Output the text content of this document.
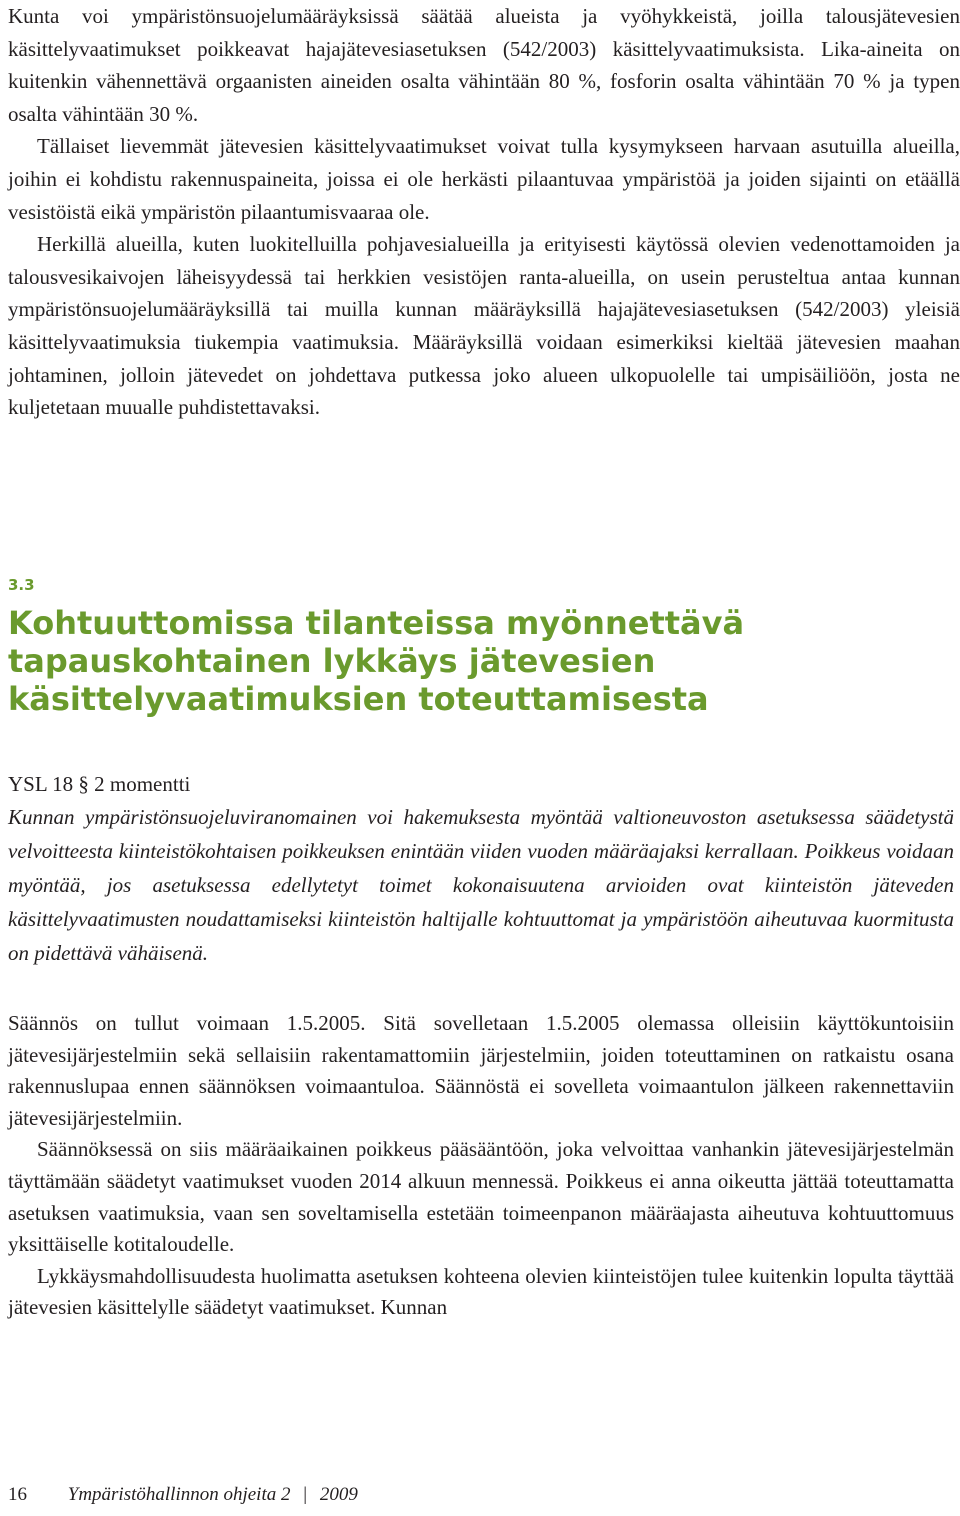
Kunta voi ympäristönsuojelumääräyksissä säätää alueista ja vyöhykkeistä, joilla talousjätevesien käsittelyvaatimukset poikkeavat hajajätevesiasetuksen (542/2003) käsittelyvaatimuksista. Lika-aineita on kuitenkin vähennettävä orgaanisten aineiden osalta vähintään 80 %, fosforin osalta vähintään 70 % ja typen osalta vähintään 30 %.

Tällaiset lievemmät jätevesien käsittelyvaatimukset voivat tulla kysymykseen harvaan asutuilla alueilla, joihin ei kohdistu rakennuspaineita, joissa ei ole herkästi pilaantuvaa ympäristöä ja joiden sijainti on etäällä vesistöistä eikä ympäristön pilaantumisvaaraa ole.

Herkillä alueilla, kuten luokitelluilla pohjavesialueilla ja erityisesti käytössä olevien vedenottamoiden ja talousvesikaivojen läheisyydessä tai herkkien vesistöjen ranta-alueilla, on usein perusteltua antaa kunnan ympäristönsuojelumääräyksillä tai muilla kunnan määräyksillä hajajätevesiasetuksen (542/2003) yleisiä käsittelyvaatimuksia tiukempia vaatimuksia. Määräyksillä voidaan esimerkiksi kieltää jätevesien maahan johtaminen, jolloin jätevedet on johdettava putkessa joko alueen ulkopuolelle tai umpisäiliöön, josta ne kuljetetaan muualle puhdistettavaksi.

3.3
Kohtuuttomissa tilanteissa myönnettävä tapauskohtainen lykkäys jätevesien käsittelyvaatimuksien toteuttamisesta

YSL 18 § 2 momentti

Kunnan ympäristönsuojeluviranomainen voi hakemuksesta myöntää valtioneuvoston asetuksessa säädetystä velvoitteesta kiinteistökohtaisen poikkeuksen enintään viiden vuoden määräajaksi kerrallaan. Poikkeus voidaan myöntää, jos asetuksessa edellytetyt toimet kokonaisuutena arvioiden ovat kiinteistön jäteveden käsittelyvaatimusten noudattamiseksi kiinteistön haltijalle kohtuuttomat ja ympäristöön aiheutuvaa kuormitusta on pidettävä vähäisenä.

Säännös on tullut voimaan 1.5.2005. Sitä sovelletaan 1.5.2005 olemassa olleisiin käyttökuntoisiin jätevesijärjestelmiin sekä sellaisiin rakentamattomiin järjestelmiin, joiden toteuttaminen on ratkaistu osana rakennuslupaa ennen säännöksen voimaantuloa. Säännöstä ei sovelleta voimaantulon jälkeen rakennettaviin jätevesijärjestelmiin.

Säännöksessä on siis määräaikainen poikkeus pääsääntöön, joka velvoittaa vanhankin jätevesijärjestelmän täyttämään säädetyt vaatimukset vuoden 2014 alkuun mennessä. Poikkeus ei anna oikeutta jättää toteuttamatta asetuksen vaatimuksia, vaan sen soveltamisella estetään toimeenpanon määräajasta aiheutuva kohtuuttomuus yksittäiselle kotitaloudelle.

Lykkäysmahdollisuudesta huolimatta asetuksen kohteena olevien kiinteistöjen tulee kuitenkin lopulta täyttää jätevesien käsittelylle säädetyt vaatimukset. Kunnan

16 Ympäristöhallinnon ohjeita 2 | 2009
